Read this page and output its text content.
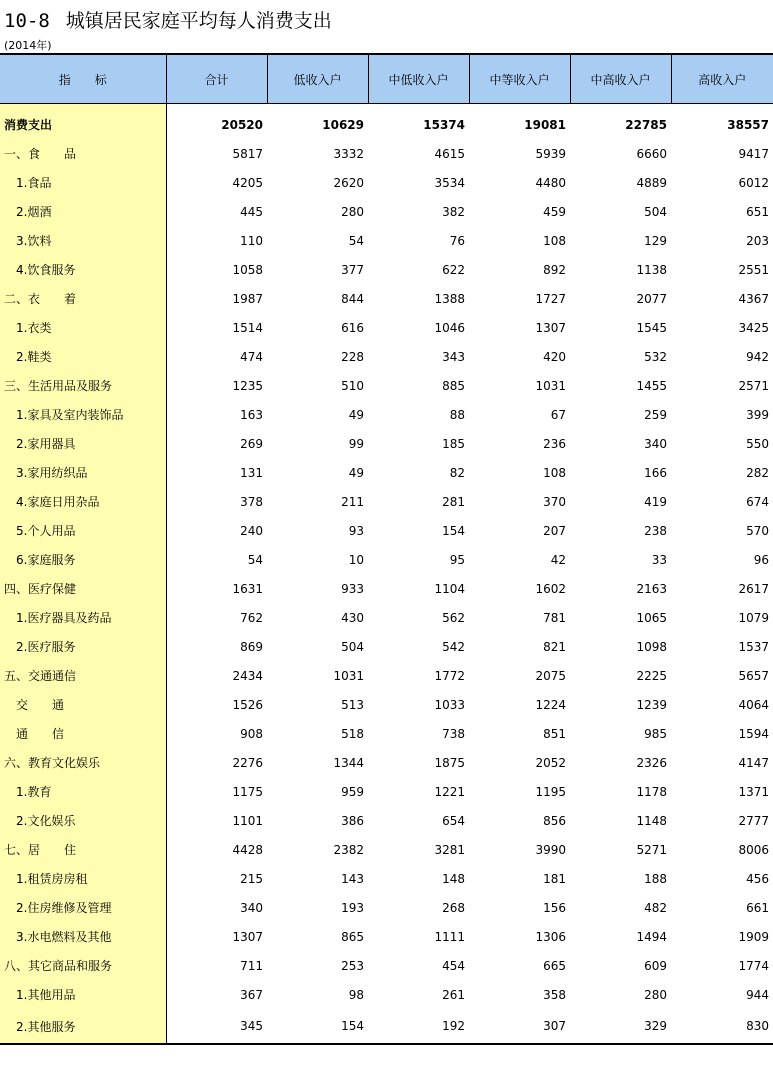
10-8 城镇居民家庭平均每人消费支出
(2014年)
指　　标	合计	低收入户	中低收入户	中等收入户	中高收入户	高收入户
消费支出	20520	10629	15374	19081	22785	38557
一、食　　品	5817	3332	4615	5939	6660	9417
　1.食品	4205	2620	3534	4480	4889	6012
　2.烟酒	445	280	382	459	504	651
　3.饮料	110	54	76	108	129	203
　4.饮食服务	1058	377	622	892	1138	2551
二、衣　　着	1987	844	1388	1727	2077	4367
　1.衣类	1514	616	1046	1307	1545	3425
　2.鞋类	474	228	343	420	532	942
三、生活用品及服务	1235	510	885	1031	1455	2571
　1.家具及室内装饰品	163	49	88	67	259	399
　2.家用器具	269	99	185	236	340	550
　3.家用纺织品	131	49	82	108	166	282
　4.家庭日用杂品	378	211	281	370	419	674
　5.个人用品	240	93	154	207	238	570
　6.家庭服务	54	10	95	42	33	96
四、医疗保健	1631	933	1104	1602	2163	2617
　1.医疗器具及药品	762	430	562	781	1065	1079
　2.医疗服务	869	504	542	821	1098	1537
五、交通通信	2434	1031	1772	2075	2225	5657
　交　　通	1526	513	1033	1224	1239	4064
　通　　信	908	518	738	851	985	1594
六、教育文化娱乐	2276	1344	1875	2052	2326	4147
　1.教育	1175	959	1221	1195	1178	1371
　2.文化娱乐	1101	386	654	856	1148	2777
七、居　　住	4428	2382	3281	3990	5271	8006
　1.租赁房房租	215	143	148	181	188	456
　2.住房维修及管理	340	193	268	156	482	661
　3.水电燃料及其他	1307	865	1111	1306	1494	1909
八、其它商品和服务	711	253	454	665	609	1774
　1.其他用品	367	98	261	358	280	944
　2.其他服务	345	154	192	307	329	830
